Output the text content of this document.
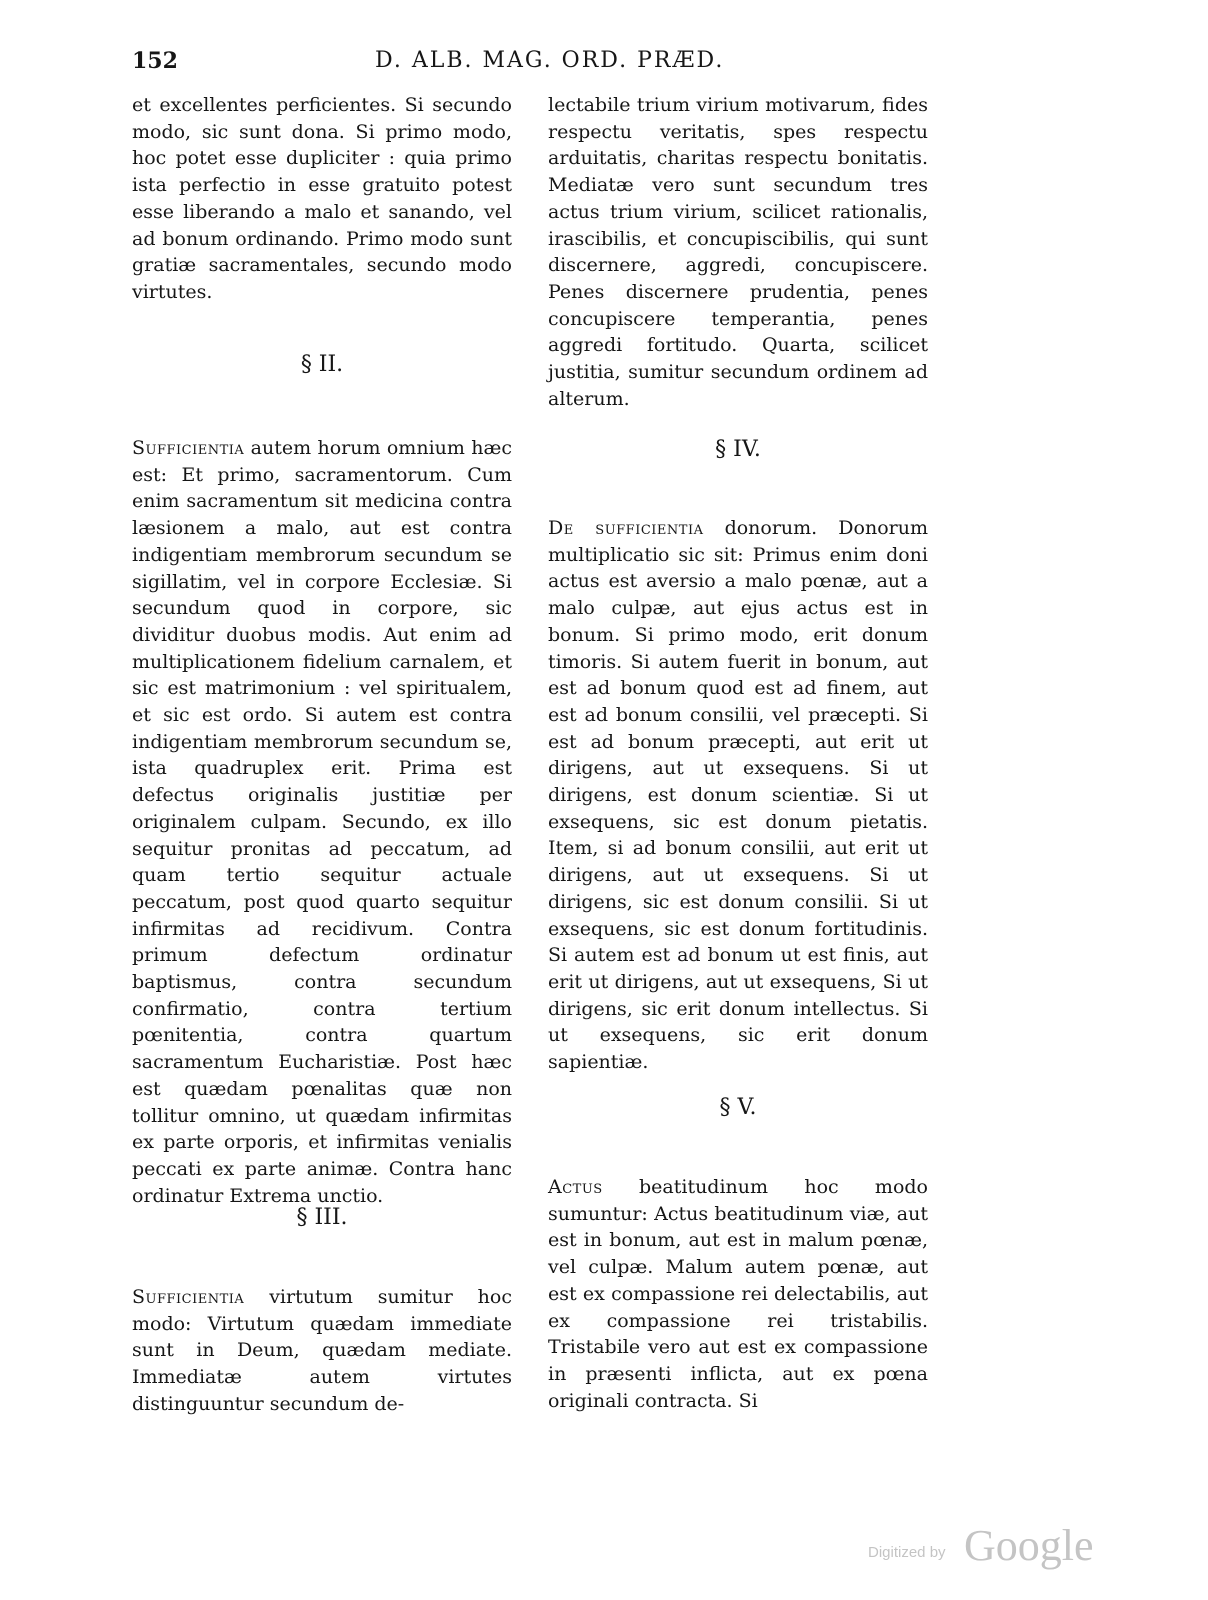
152	D. ALB. MAG. ORD. PRÆD.

et excellentes perficientes. Si secundo modo, sic sunt dona. Si primo modo, hoc potet esse dupliciter : quia primo ista perfectio in esse gratuito potest esse liberando a malo et sanando, vel ad bonum ordinando. Primo modo sunt gratiæ sacramentales, secundo modo virtutes.

§ II.

Sufficientia autem horum omnium hæc est: Et primo, sacramentorum. Cum enim sacramentum sit medicina contra læsionem a malo, aut est contra indigentiam membrorum secundum se sigillatim, vel in corpore Ecclesiæ. Si secundum quod in corpore, sic dividitur duobus modis. Aut enim ad multiplicationem fidelium carnalem, et sic est matrimonium : vel spiritualem, et sic est ordo. Si autem est contra indigentiam membrorum secundum se, ista quadruplex erit. Prima est defectus originalis justitiæ per originalem culpam. Secundo, ex illo sequitur pronitas ad peccatum, ad quam tertio sequitur actuale peccatum, post quod quarto sequitur infirmitas ad recidivum. Contra primum defectum ordinatur baptismus, contra secundum confirmatio, contra tertium pœnitentia, contra quartum sacramentum Eucharistiæ. Post hæc est quædam pœnalitas quæ non tollitur omnino, ut quædam infirmitas ex parte orporis, et infirmitas venialis peccati ex parte animæ. Contra hanc ordinatur Extrema unctio.

§ III.

Sufficientia virtutum sumitur hoc modo: Virtutum quædam immediate sunt in Deum, quædam mediate. Immediatæ autem virtutes distinguuntur secundum de-

lectabile trium virium motivarum, fides respectu veritatis, spes respectu arduitatis, charitas respectu bonitatis. Mediatæ vero sunt secundum tres actus trium virium, scilicet rationalis, irascibilis, et concupiscibilis, qui sunt discernere, aggredi, concupiscere. Penes discernere prudentia, penes concupiscere temperantia, penes aggredi fortitudo. Quarta, scilicet justitia, sumitur secundum ordinem ad alterum.

§ IV.

De sufficientia donorum. Donorum multiplicatio sic sit: Primus enim doni actus est aversio a malo pœnæ, aut a malo culpæ, aut ejus actus est in bonum. Si primo modo, erit donum timoris. Si autem fuerit in bonum, aut est ad bonum quod est ad finem, aut est ad bonum consilii, vel præcepti. Si est ad bonum præcepti, aut erit ut dirigens, aut ut exsequens. Si ut dirigens, est donum scientiæ. Si ut exsequens, sic est donum pietatis. Item, si ad bonum consilii, aut erit ut dirigens, aut ut exsequens. Si ut dirigens, sic est donum consilii. Si ut exsequens, sic est donum fortitudinis. Si autem est ad bonum ut est finis, aut erit ut dirigens, aut ut exsequens, Si ut dirigens, sic erit donum intellectus. Si ut exsequens, sic erit donum sapientiæ.

§ V.

Actus beatitudinum hoc modo sumuntur: Actus beatitudinum viæ, aut est in bonum, aut est in malum pœnæ, vel culpæ. Malum autem pœnæ, aut est ex compassione rei delectabilis, aut ex compassione rei tristabilis. Tristabile vero aut est ex compassione in præsenti inflicta, aut ex pœna originali contracta. Si

Digitized by Google
